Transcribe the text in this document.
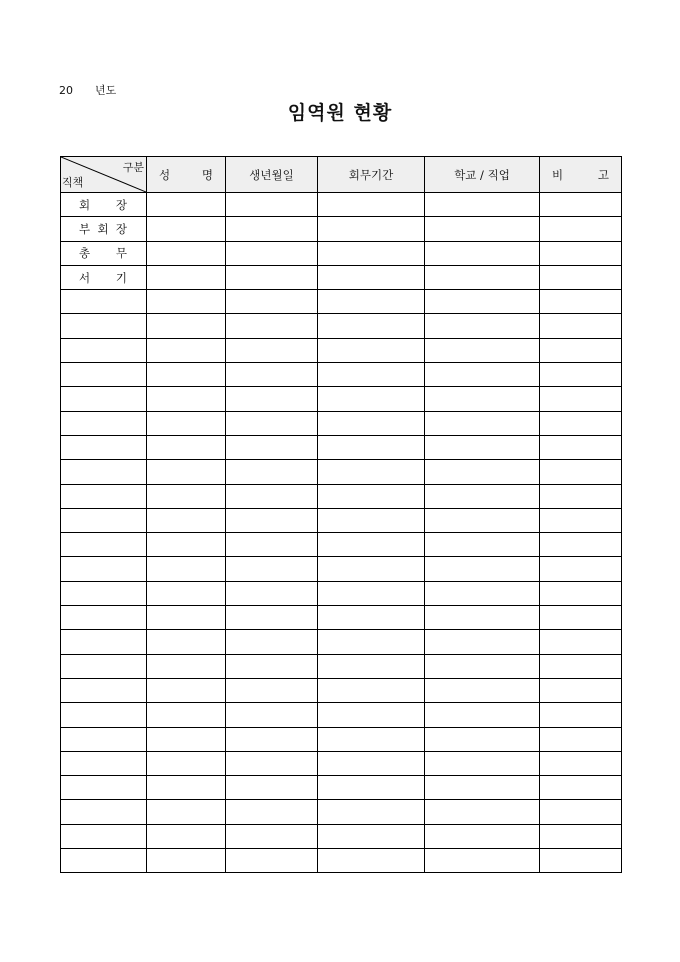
20 년도
임역원 현황
구분
직책	성 명	생년월일	회무기간	학교 / 직업	비 고

회 장					

부 회 장					

총 무					

서 기					
